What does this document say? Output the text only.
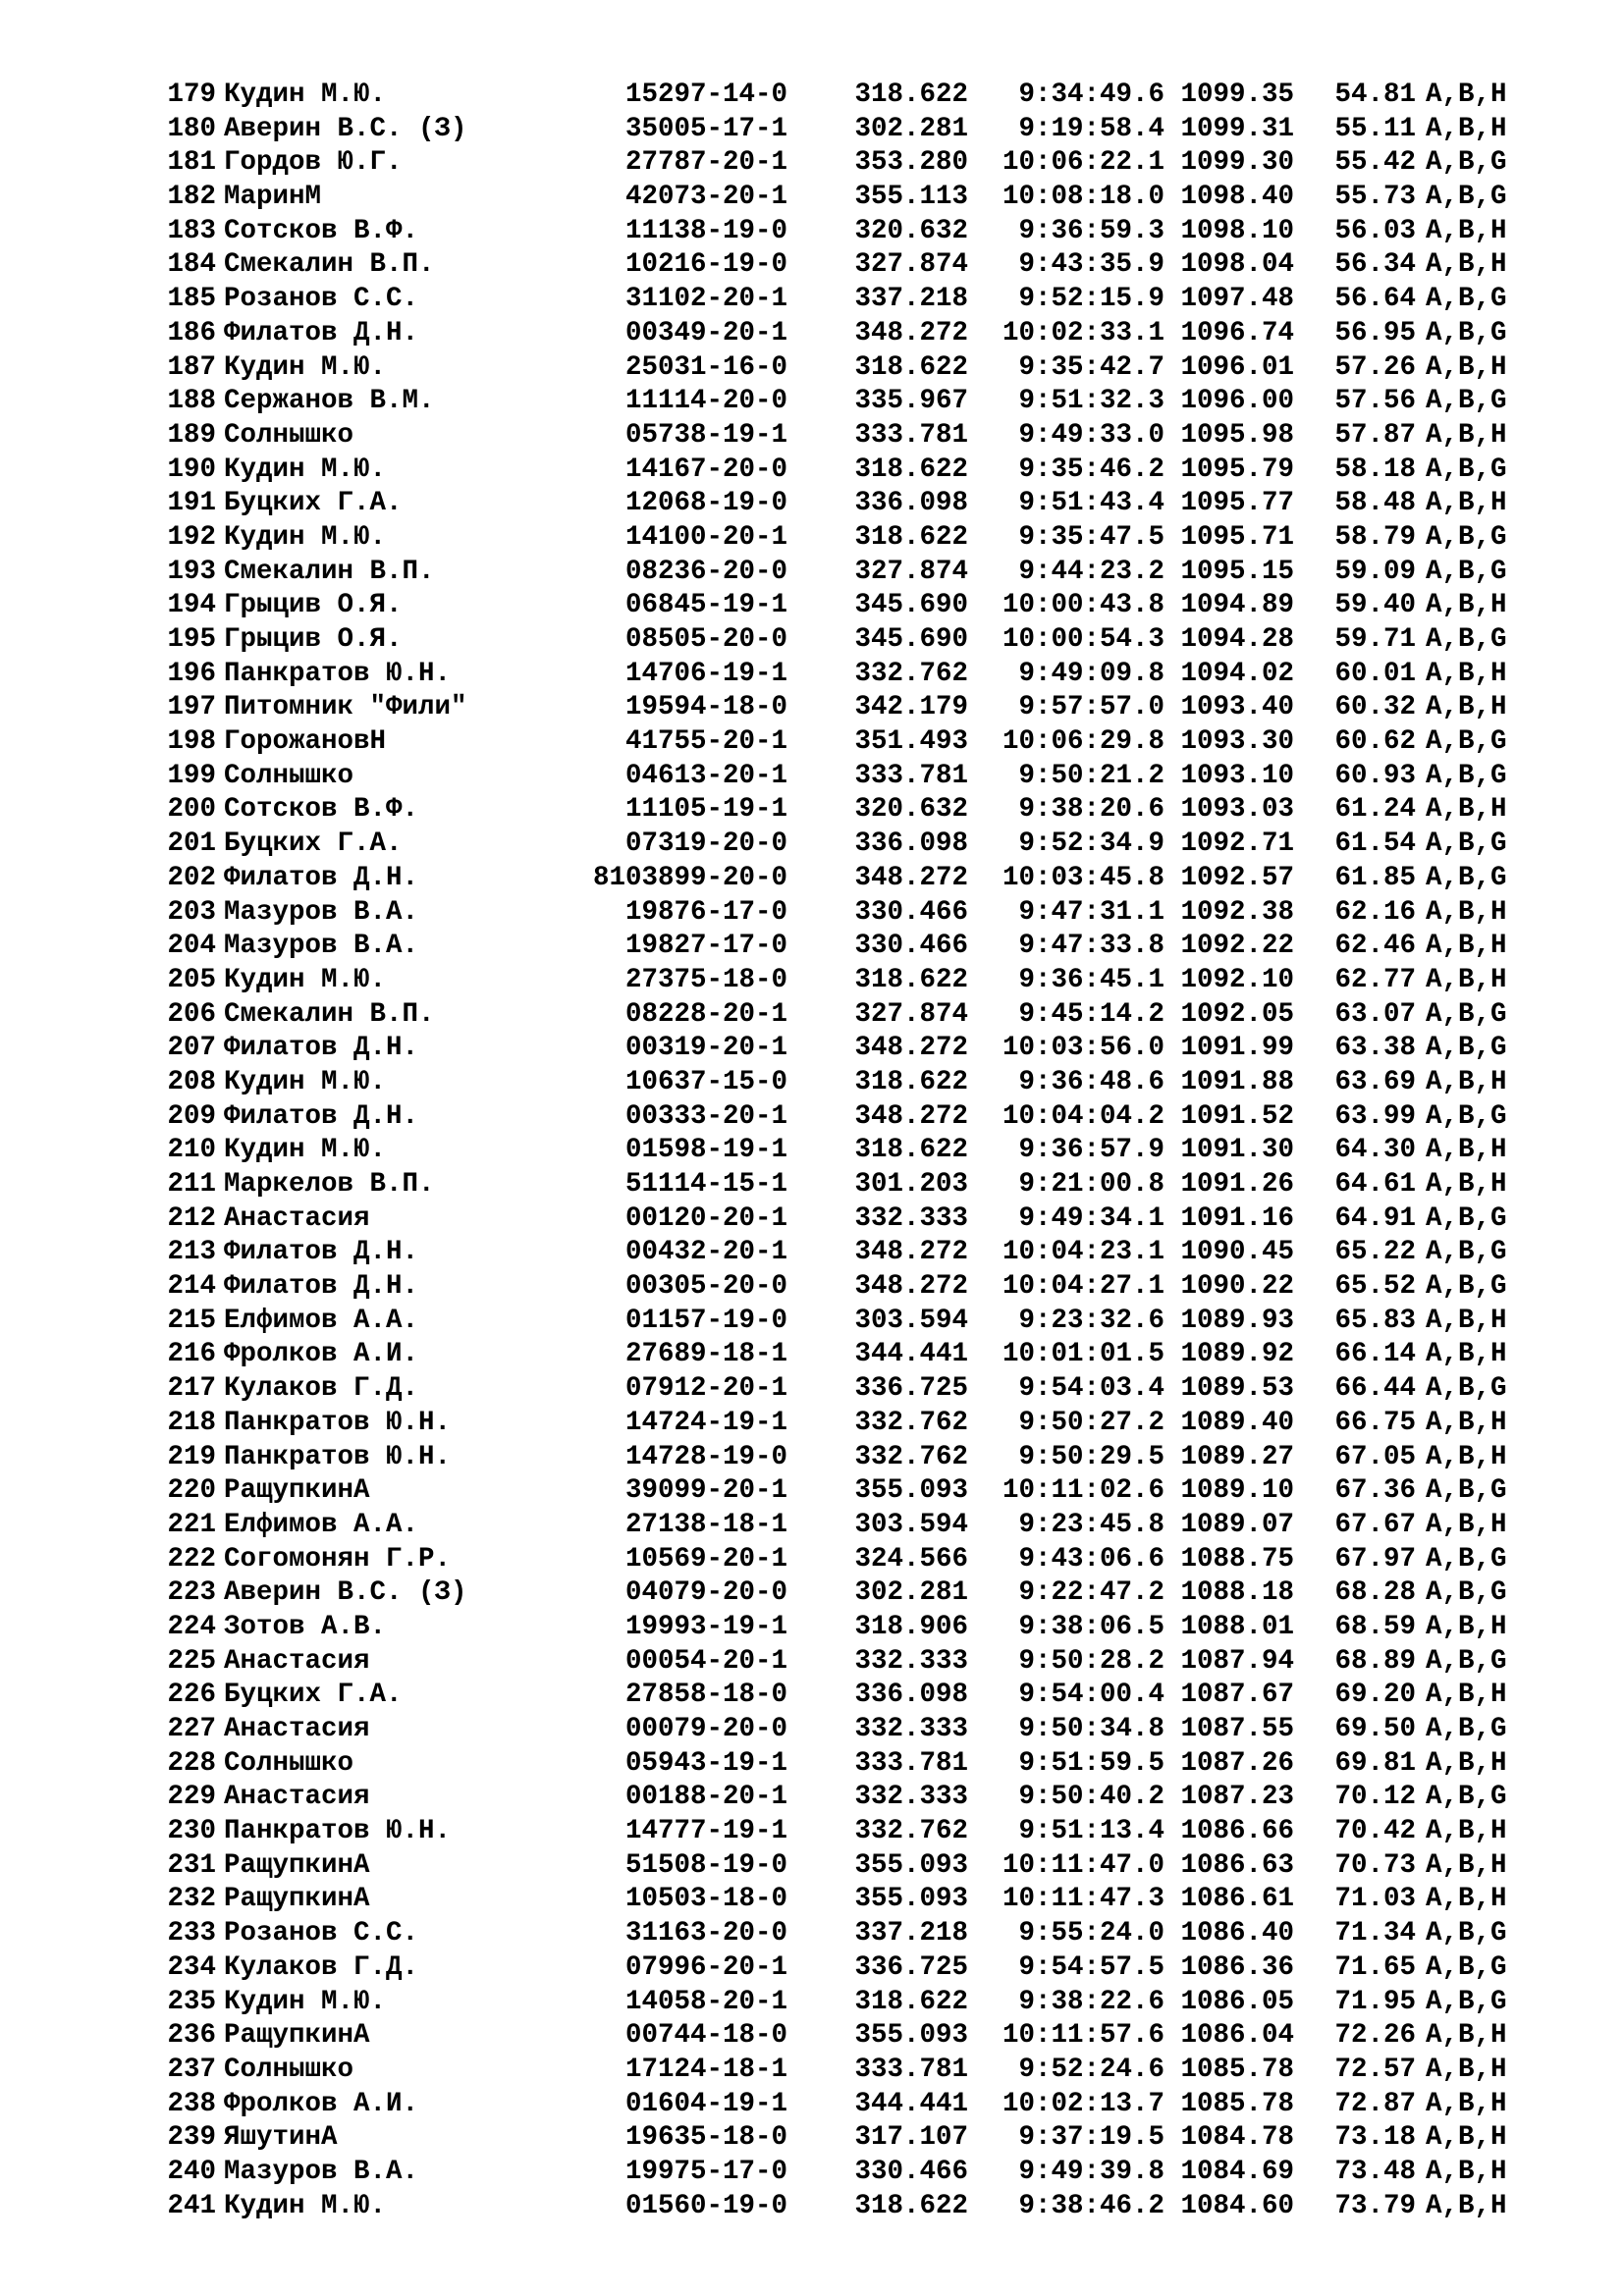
179 Кудин М.Ю.	15297-14-0 318.622 9:34:49.6 1099.35 54.81 A,B,H
180 Аверин В.С. (З)	35005-17-1 302.281 9:19:58.4 1099.31 55.11 A,B,H
181 Гордов Ю.Г.	27787-20-1 353.280 10:06:22.1 1099.30 55.42 A,B,G
182 МаринМ	42073-20-1 355.113 10:08:18.0 1098.40 55.73 A,B,G
183 Сотсков В.Ф.	11138-19-0 320.632 9:36:59.3 1098.10 56.03 A,B,H
184 Смекалин В.П.	10216-19-0 327.874 9:43:35.9 1098.04 56.34 A,B,H
185 Розанов С.С.	31102-20-1 337.218 9:52:15.9 1097.48 56.64 A,B,G
186 Филатов Д.Н.	00349-20-1 348.272 10:02:33.1 1096.74 56.95 A,B,G
187 Кудин М.Ю.	25031-16-0 318.622 9:35:42.7 1096.01 57.26 A,B,H
188 Сержанов В.М.	11114-20-0 335.967 9:51:32.3 1096.00 57.56 A,B,G
189 Солнышко	05738-19-1 333.781 9:49:33.0 1095.98 57.87 A,B,H
190 Кудин М.Ю.	14167-20-0 318.622 9:35:46.2 1095.79 58.18 A,B,G
191 Буцких Г.А.	12068-19-0 336.098 9:51:43.4 1095.77 58.48 A,B,H
192 Кудин М.Ю.	14100-20-1 318.622 9:35:47.5 1095.71 58.79 A,B,G
193 Смекалин В.П.	08236-20-0 327.874 9:44:23.2 1095.15 59.09 A,B,G
194 Грыцив О.Я.	06845-19-1 345.690 10:00:43.8 1094.89 59.40 A,B,H
195 Грыцив О.Я.	08505-20-0 345.690 10:00:54.3 1094.28 59.71 A,B,G
196 Панкратов Ю.Н.	14706-19-1 332.762 9:49:09.8 1094.02 60.01 A,B,H
197 Питомник "Фили"	19594-18-0 342.179 9:57:57.0 1093.40 60.32 A,B,H
198 ГорожановН	41755-20-1 351.493 10:06:29.8 1093.30 60.62 A,B,G
199 Солнышко	04613-20-1 333.781 9:50:21.2 1093.10 60.93 A,B,G
200 Сотсков В.Ф.	11105-19-1 320.632 9:38:20.6 1093.03 61.24 A,B,H
201 Буцких Г.А.	07319-20-0 336.098 9:52:34.9 1092.71 61.54 A,B,G
202 Филатов Д.Н.	8103899-20-0 348.272 10:03:45.8 1092.57 61.85 A,B,G
203 Мазуров В.А.	19876-17-0 330.466 9:47:31.1 1092.38 62.16 A,B,H
204 Мазуров В.А.	19827-17-0 330.466 9:47:33.8 1092.22 62.46 A,B,H
205 Кудин М.Ю.	27375-18-0 318.622 9:36:45.1 1092.10 62.77 A,B,H
206 Смекалин В.П.	08228-20-1 327.874 9:45:14.2 1092.05 63.07 A,B,G
207 Филатов Д.Н.	00319-20-1 348.272 10:03:56.0 1091.99 63.38 A,B,G
208 Кудин М.Ю.	10637-15-0 318.622 9:36:48.6 1091.88 63.69 A,B,H
209 Филатов Д.Н.	00333-20-1 348.272 10:04:04.2 1091.52 63.99 A,B,G
210 Кудин М.Ю.	01598-19-1 318.622 9:36:57.9 1091.30 64.30 A,B,H
211 Маркелов В.П.	51114-15-1 301.203 9:21:00.8 1091.26 64.61 A,B,H
212 Анастасия	00120-20-1 332.333 9:49:34.1 1091.16 64.91 A,B,G
213 Филатов Д.Н.	00432-20-1 348.272 10:04:23.1 1090.45 65.22 A,B,G
214 Филатов Д.Н.	00305-20-0 348.272 10:04:27.1 1090.22 65.52 A,B,G
215 Елфимов А.А.	01157-19-0 303.594 9:23:32.6 1089.93 65.83 A,B,H
216 Фролков А.И.	27689-18-1 344.441 10:01:01.5 1089.92 66.14 A,B,H
217 Кулаков Г.Д.	07912-20-1 336.725 9:54:03.4 1089.53 66.44 A,B,G
218 Панкратов Ю.Н.	14724-19-1 332.762 9:50:27.2 1089.40 66.75 A,B,H
219 Панкратов Ю.Н.	14728-19-0 332.762 9:50:29.5 1089.27 67.05 A,B,H
220 РащупкинА	39099-20-1 355.093 10:11:02.6 1089.10 67.36 A,B,G
221 Елфимов А.А.	27138-18-1 303.594 9:23:45.8 1089.07 67.67 A,B,H
222 Согомонян Г.Р.	10569-20-1 324.566 9:43:06.6 1088.75 67.97 A,B,G
223 Аверин В.С. (З)	04079-20-0 302.281 9:22:47.2 1088.18 68.28 A,B,G
224 Зотов А.В.	19993-19-1 318.906 9:38:06.5 1088.01 68.59 A,B,H
225 Анастасия	00054-20-1 332.333 9:50:28.2 1087.94 68.89 A,B,G
226 Буцких Г.А.	27858-18-0 336.098 9:54:00.4 1087.67 69.20 A,B,H
227 Анастасия	00079-20-0 332.333 9:50:34.8 1087.55 69.50 A,B,G
228 Солнышко	05943-19-1 333.781 9:51:59.5 1087.26 69.81 A,B,H
229 Анастасия	00188-20-1 332.333 9:50:40.2 1087.23 70.12 A,B,G
230 Панкратов Ю.Н.	14777-19-1 332.762 9:51:13.4 1086.66 70.42 A,B,H
231 РащупкинА	51508-19-0 355.093 10:11:47.0 1086.63 70.73 A,B,H
232 РащупкинА	10503-18-0 355.093 10:11:47.3 1086.61 71.03 A,B,H
233 Розанов С.С.	31163-20-0 337.218 9:55:24.0 1086.40 71.34 A,B,G
234 Кулаков Г.Д.	07996-20-1 336.725 9:54:57.5 1086.36 71.65 A,B,G
235 Кудин М.Ю.	14058-20-1 318.622 9:38:22.6 1086.05 71.95 A,B,G
236 РащупкинА	00744-18-0 355.093 10:11:57.6 1086.04 72.26 A,B,H
237 Солнышко	17124-18-1 333.781 9:52:24.6 1085.78 72.57 A,B,H
238 Фролков А.И.	01604-19-1 344.441 10:02:13.7 1085.78 72.87 A,B,H
239 ЯшутинА	19635-18-0 317.107 9:37:19.5 1084.78 73.18 A,B,H
240 Мазуров В.А.	19975-17-0 330.466 9:49:39.8 1084.69 73.48 A,B,H
241 Кудин М.Ю.	01560-19-0 318.622 9:38:46.2 1084.60 73.79 A,B,H
